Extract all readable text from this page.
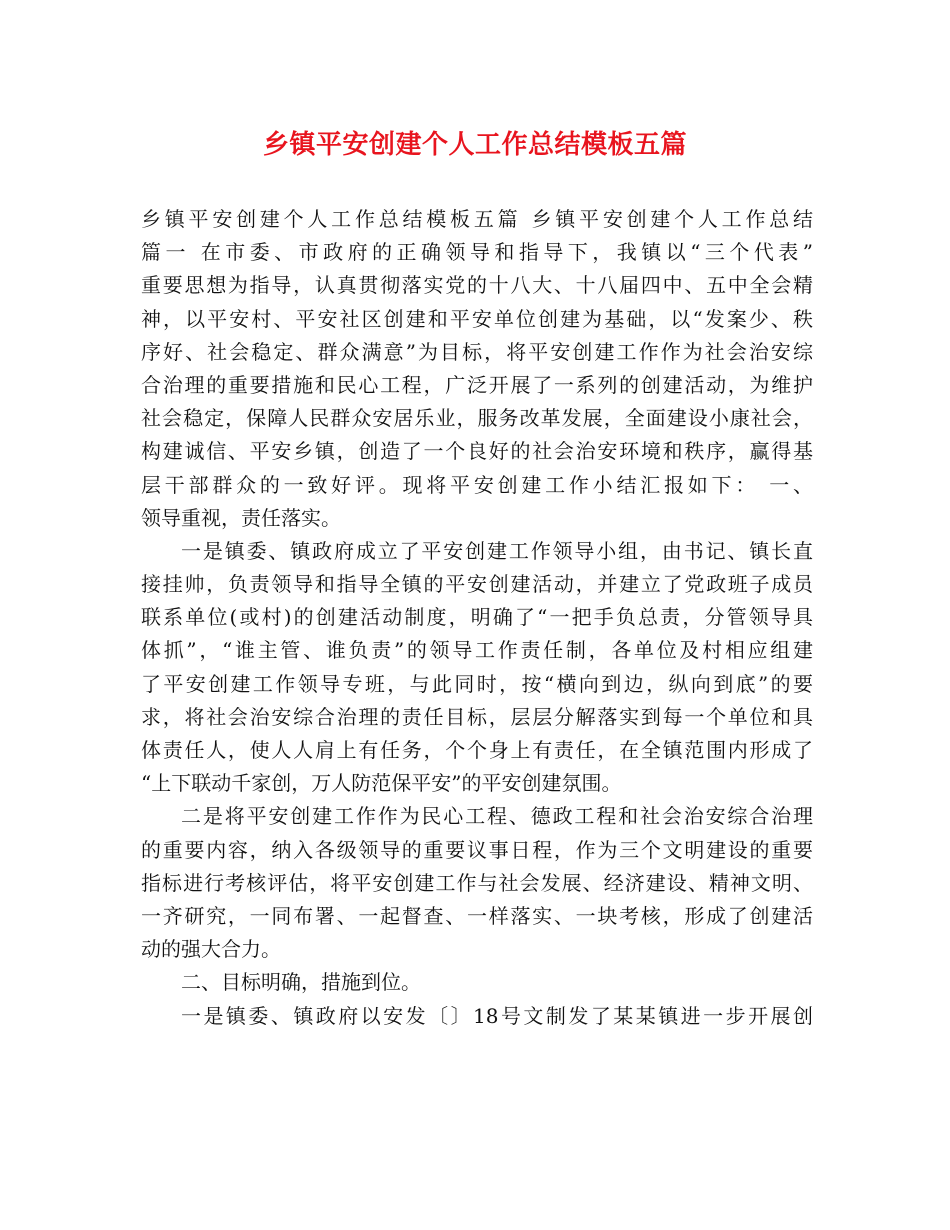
乡镇平安创建个人工作总结模板五篇
乡镇平安创建个人工作总结模板五篇 乡镇平安创建个人工作总结
篇一 在市委、市政府的正确领导和指导下，我镇以“三个代表”
重要思想为指导，认真贯彻落实党的十八大、十八届四中、五中全会精
神，以平安村、平安社区创建和平安单位创建为基础，以“发案少、秩
序好、社会稳定、群众满意”为目标，将平安创建工作作为社会治安综
合治理的重要措施和民心工程，广泛开展了一系列的创建活动，为维护
社会稳定，保障人民群众安居乐业，服务改革发展，全面建设小康社会，
构建诚信、平安乡镇，创造了一个良好的社会治安环境和秩序，赢得基
层干部群众的一致好评。现将平安创建工作小结汇报如下： 一、
领导重视，责任落实。
一是镇委、镇政府成立了平安创建工作领导小组，由书记、镇长直
接挂帅，负责领导和指导全镇的平安创建活动，并建立了党政班子成员
联系单位(或村)的创建活动制度，明确了“一把手负总责，分管领导具
体抓”，“谁主管、谁负责”的领导工作责任制，各单位及村相应组建
了平安创建工作领导专班，与此同时，按“横向到边，纵向到底”的要
求，将社会治安综合治理的责任目标，层层分解落实到每一个单位和具
体责任人，使人人肩上有任务，个个身上有责任，在全镇范围内形成了
“上下联动千家创，万人防范保平安”的平安创建氛围。
二是将平安创建工作作为民心工程、德政工程和社会治安综合治理
的重要内容，纳入各级领导的重要议事日程，作为三个文明建设的重要
指标进行考核评估，将平安创建工作与社会发展、经济建设、精神文明、
一齐研究，一同布署、一起督查、一样落实、一块考核，形成了创建活
动的强大合力。
二、目标明确，措施到位。
一是镇委、镇政府以安发〔〕18号文制发了某某镇进一步开展创
